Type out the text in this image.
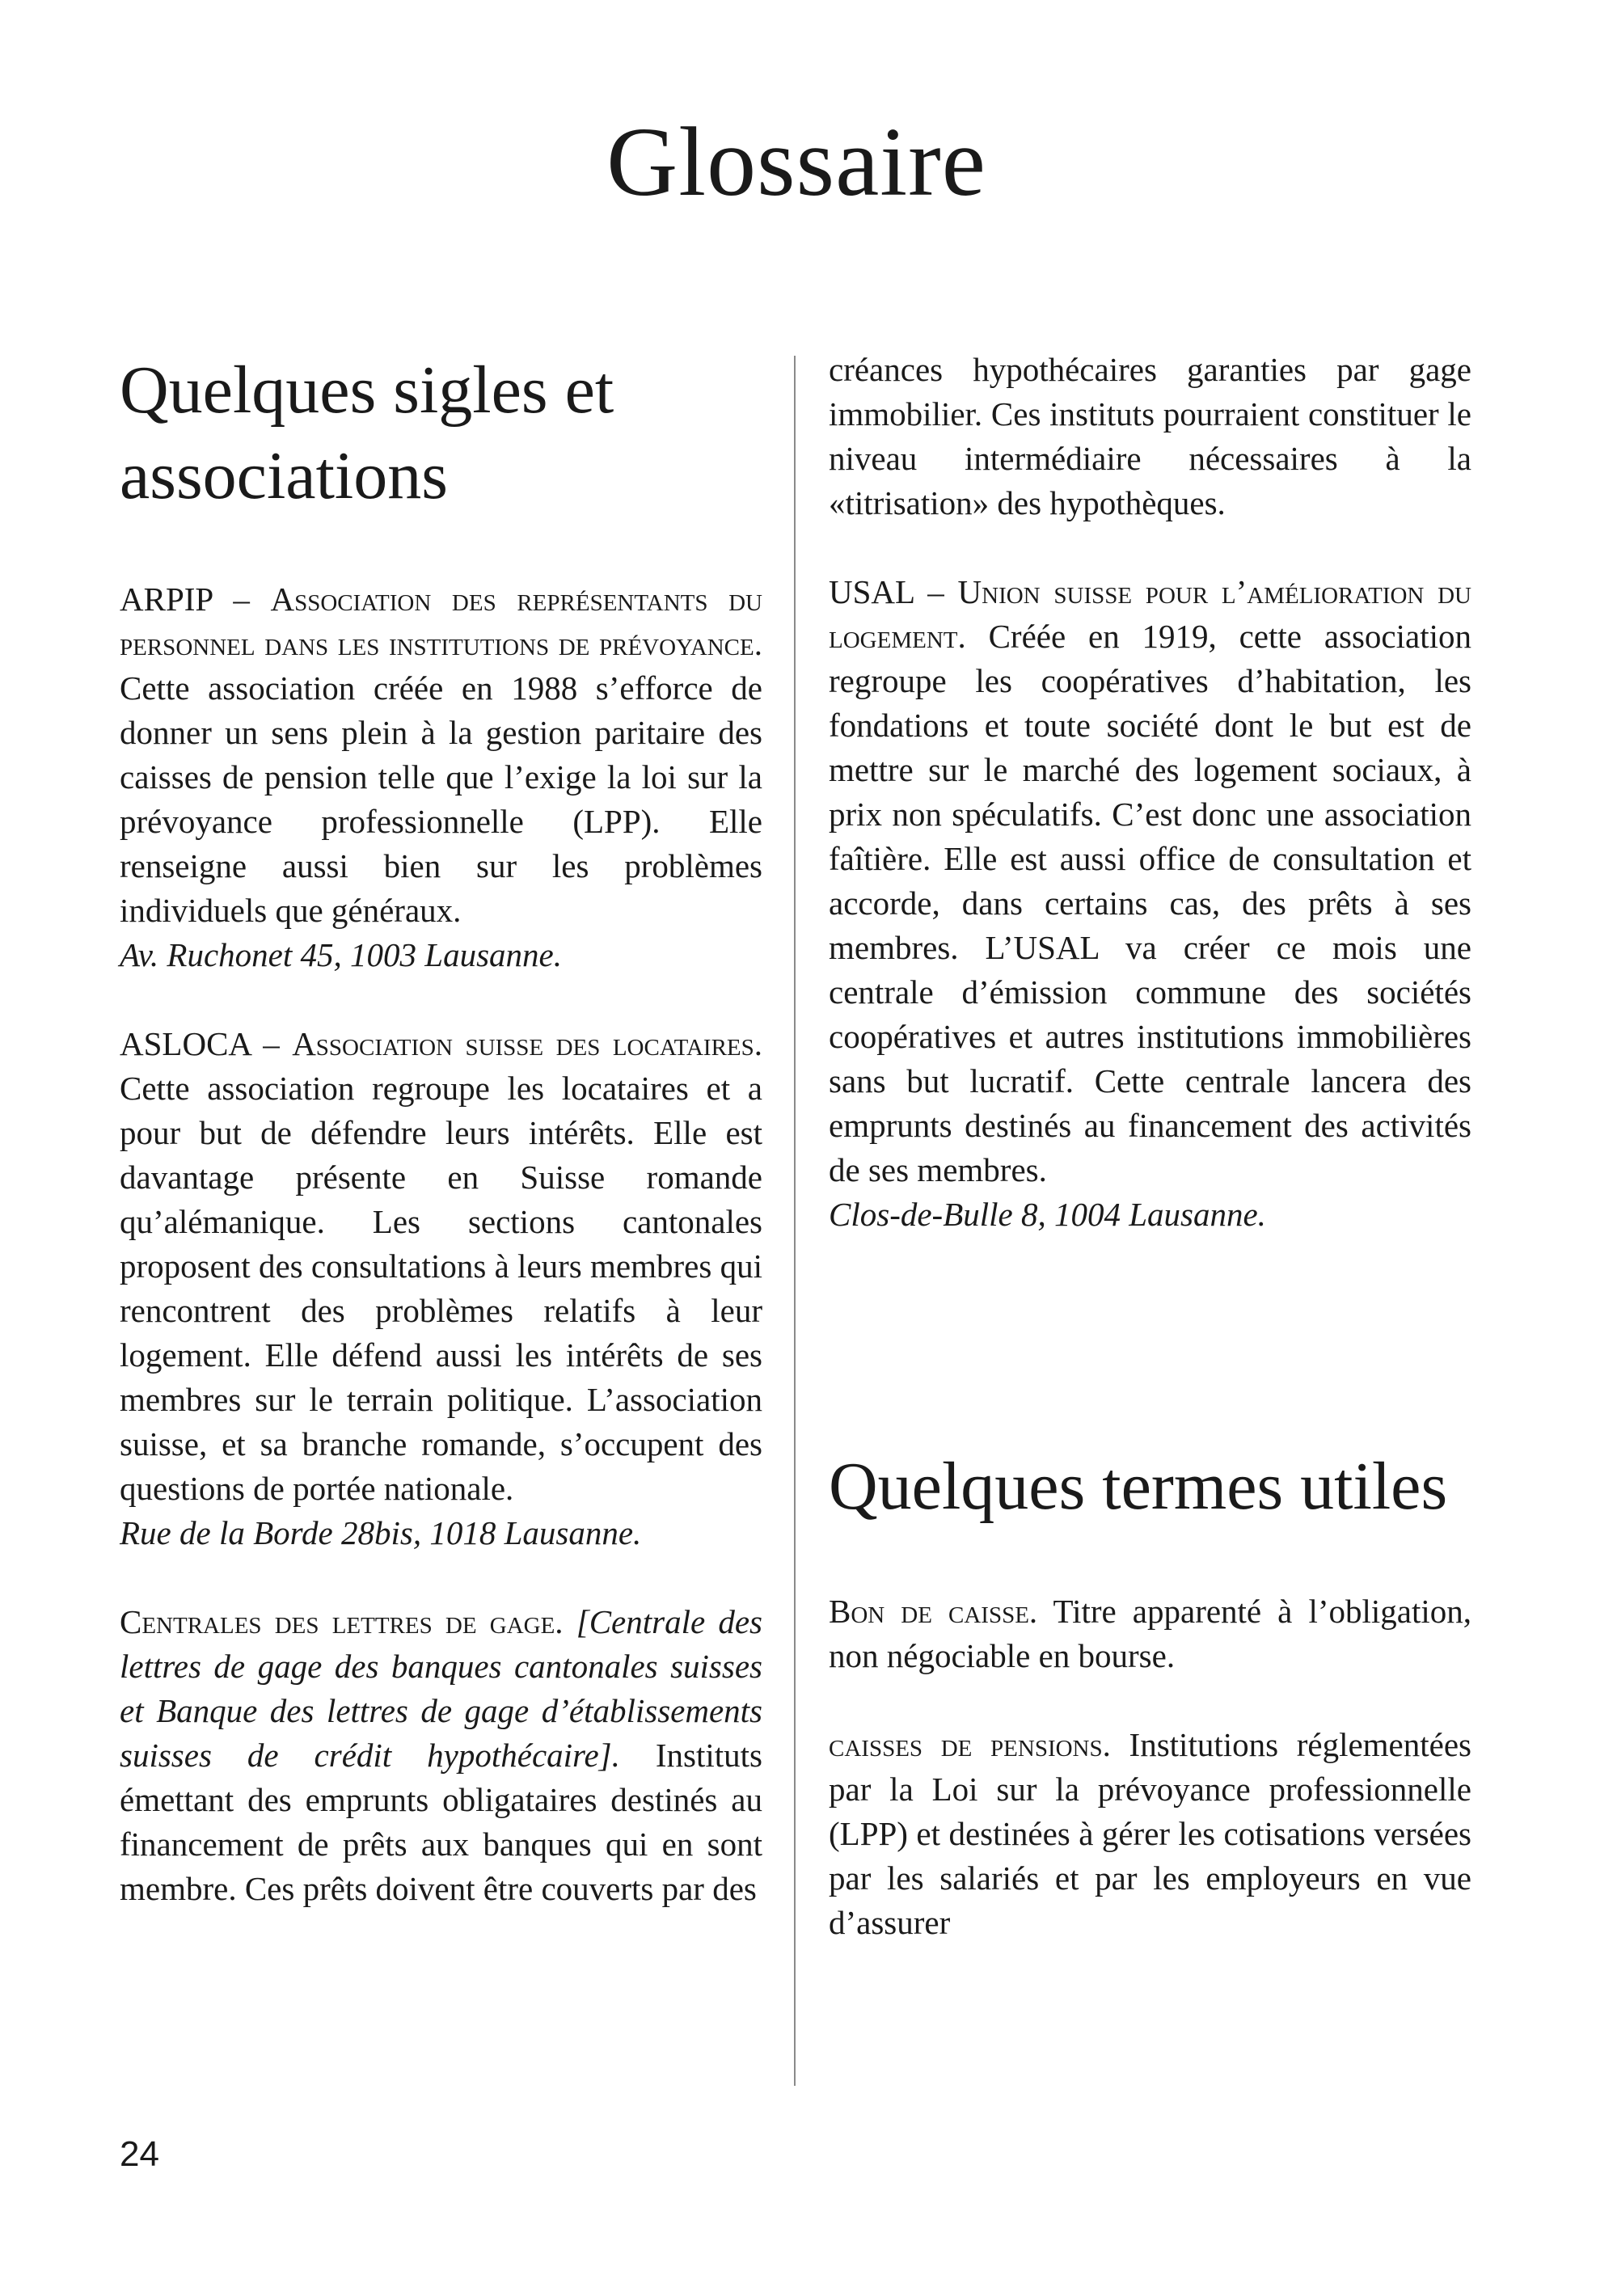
Glossaire
Quelques sigles et associations

ARPIP – Association des représentants du personnel dans les institutions de prévoyance. Cette association créée en 1988 s’efforce de donner un sens plein à la gestion paritaire des caisses de pension telle que l’exige la loi sur la prévoyance professionnelle (LPP). Elle renseigne aussi bien sur les problèmes individuels que généraux.
Av. Ruchonet 45, 1003 Lausanne.

ASLOCA – Association suisse des locataires. Cette association regroupe les locataires et a pour but de défendre leurs intérêts. Elle est davantage présente en Suisse romande qu’alémanique. Les sections cantonales proposent des consultations à leurs membres qui rencontrent des problèmes relatifs à leur logement. Elle défend aussi les intérêts de ses membres sur le terrain politique. L’association suisse, et sa branche romande, s’occupent des questions de portée nationale.
Rue de la Borde 28bis, 1018 Lausanne.

Centrales des lettres de gage. [Centrale des lettres de gage des banques cantonales suisses et Banque des lettres de gage d’établissements suisses de crédit hypothécaire]. Instituts émettant des emprunts obligataires destinés au financement de prêts aux banques qui en sont membre. Ces prêts doivent être couverts par des

créances hypothécaires garanties par gage immobilier. Ces instituts pourraient constituer le niveau intermédiaire nécessaires à la «titrisation» des hypothèques.

USAL – Union suisse pour l’amélioration du logement. Créée en 1919, cette association regroupe les coopératives d’habitation, les fondations et toute société dont le but est de mettre sur le marché des logement sociaux, à prix non spéculatifs. C’est donc une association faîtière. Elle est aussi office de consultation et accorde, dans certains cas, des prêts à ses membres. L’USAL va créer ce mois une centrale d’émission commune des sociétés coopératives et autres institutions immobilières sans but lucratif. Cette centrale lancera des emprunts destinés au financement des activités de ses membres.
Clos-de-Bulle 8, 1004 Lausanne.

Quelques termes utiles

Bon de caisse. Titre apparenté à l’obligation, non négociable en bourse.

caisses de pensions. Institutions réglementées par la Loi sur la prévoyance professionnelle (LPP) et destinées à gérer les cotisations versées par les salariés et par les employeurs en vue d’assurer

24
